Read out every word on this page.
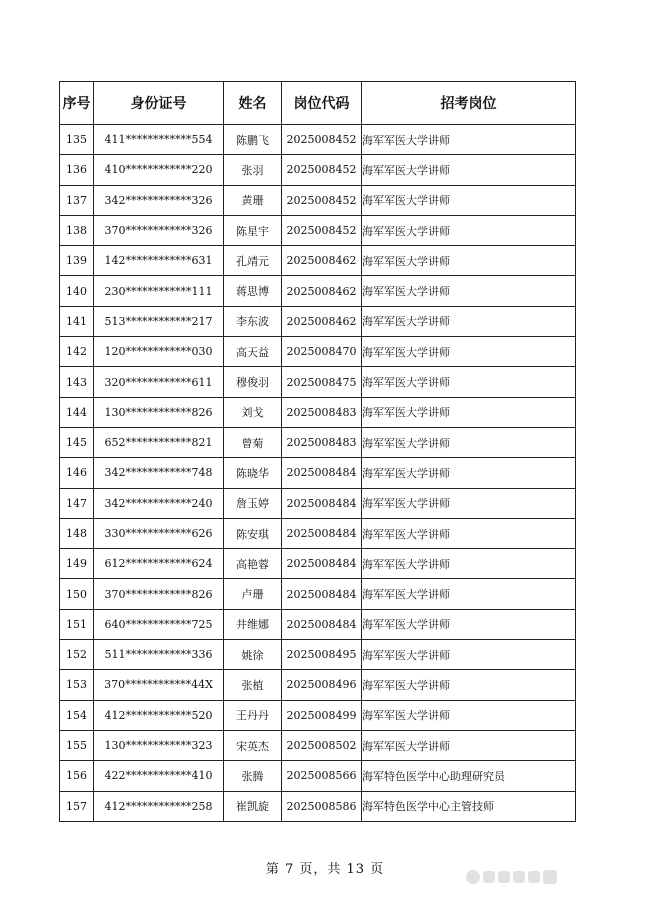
序号	身份证号	姓名	岗位代码	招考岗位
135	411************554	陈鹏飞	2025008452	海军军医大学讲师
136	410************220	张羽	2025008452	海军军医大学讲师
137	342************326	黄珊	2025008452	海军军医大学讲师
138	370************326	陈星宇	2025008452	海军军医大学讲师
139	142************631	孔靖元	2025008462	海军军医大学讲师
140	230************111	蒋思博	2025008462	海军军医大学讲师
141	513************217	李东波	2025008462	海军军医大学讲师
142	120************030	高天益	2025008470	海军军医大学讲师
143	320************611	穆俊羽	2025008475	海军军医大学讲师
144	130************826	刘戈	2025008483	海军军医大学讲师
145	652************821	曾菊	2025008483	海军军医大学讲师
146	342************748	陈晓华	2025008484	海军军医大学讲师
147	342************240	詹玉婷	2025008484	海军军医大学讲师
148	330************626	陈安琪	2025008484	海军军医大学讲师
149	612************624	高艳蓉	2025008484	海军军医大学讲师
150	370************826	卢珊	2025008484	海军军医大学讲师
151	640************725	井维娜	2025008484	海军军医大学讲师
152	511************336	姚徐	2025008495	海军军医大学讲师
153	370************44X	张植	2025008496	海军军医大学讲师
154	412************520	王丹丹	2025008499	海军军医大学讲师
155	130************323	宋英杰	2025008502	海军军医大学讲师
156	422************410	张腾	2025008566	海军特色医学中心助理研究员
157	412************258	崔凯旋	2025008586	海军特色医学中心主管技师
第 7 页，共 13 页
